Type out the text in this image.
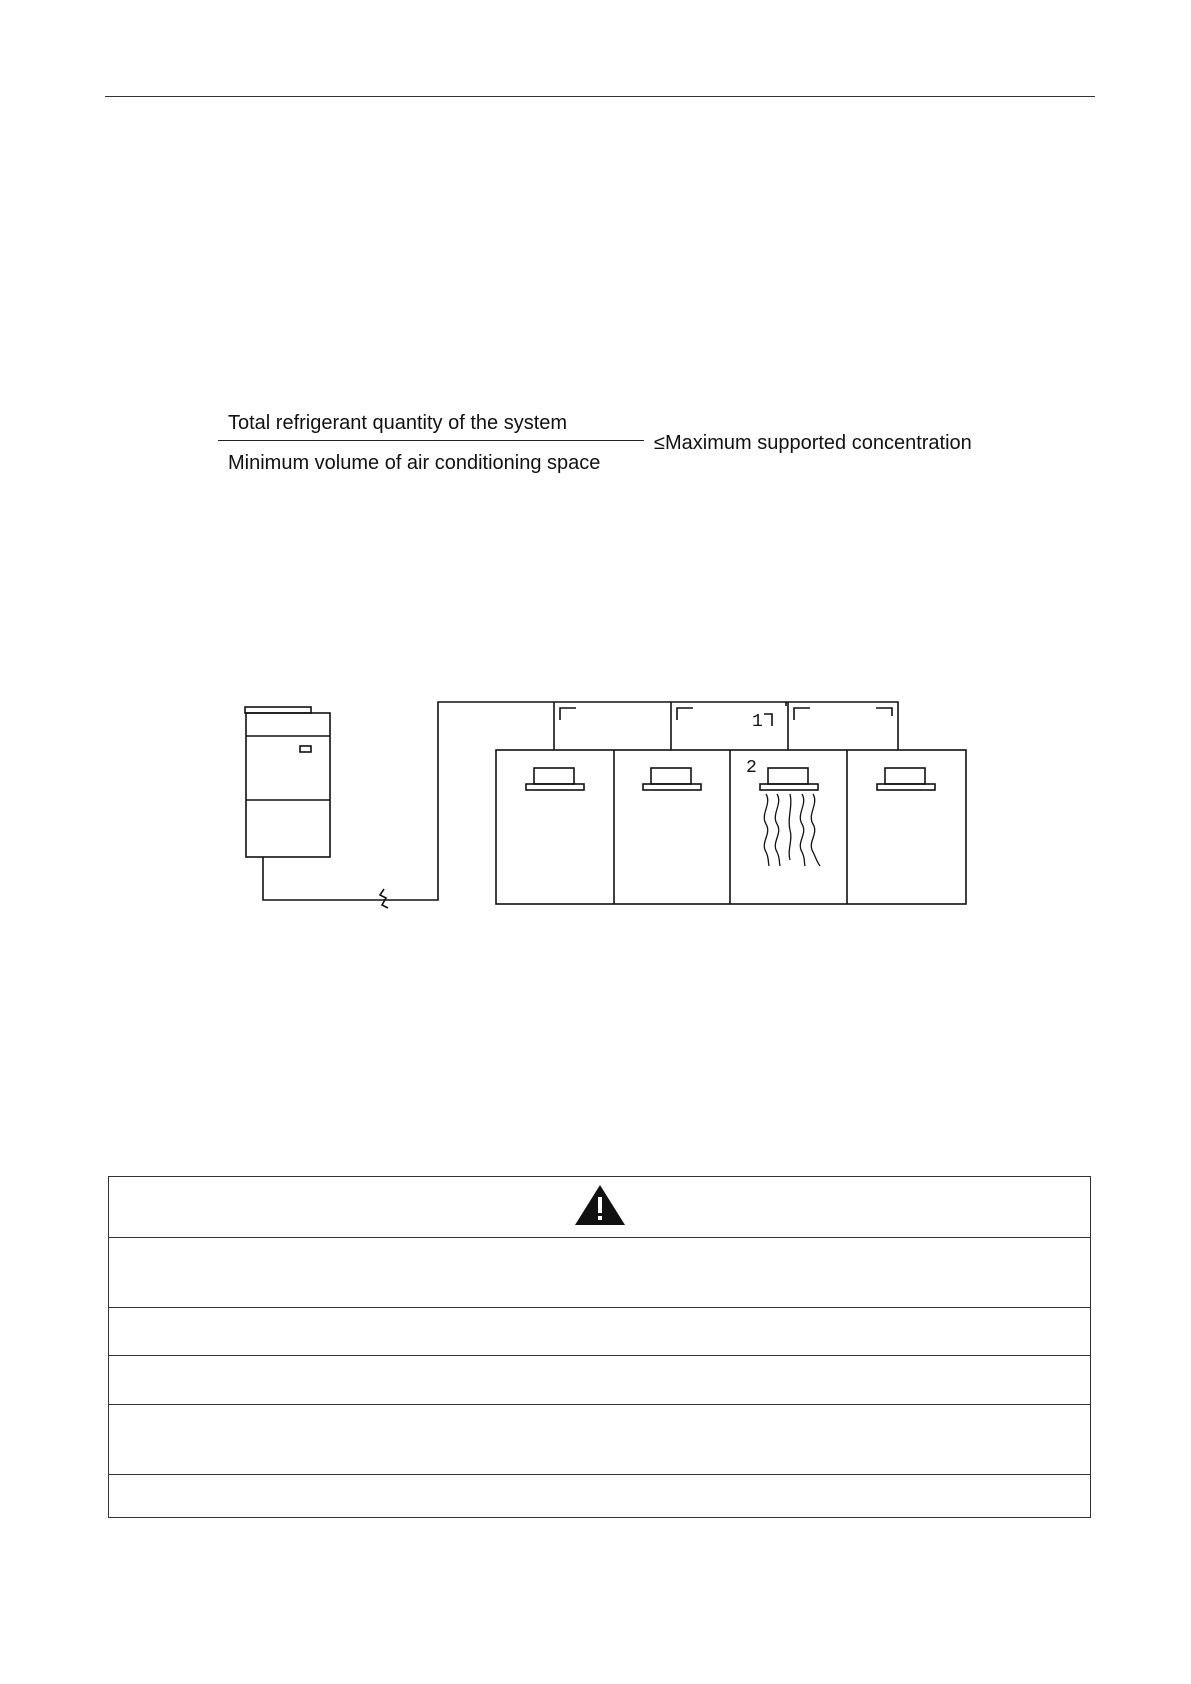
Total refrigerant quantity of the system
Minimum volume of air conditioning space
≤Maximum supported concentration
1
2
